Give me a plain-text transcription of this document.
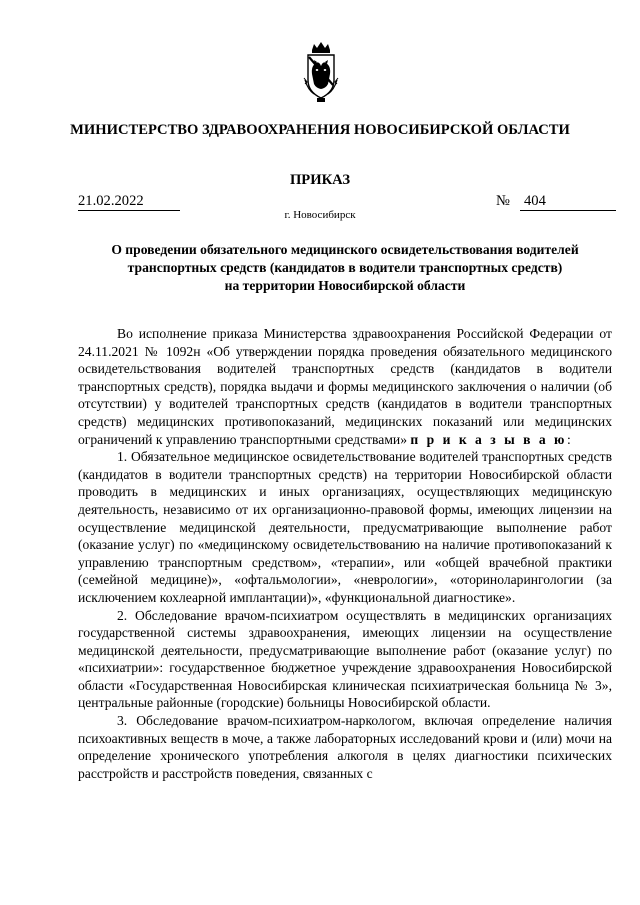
МИНИСТЕРСТВО ЗДРАВООХРАНЕНИЯ НОВОСИБИРСКОЙ ОБЛАСТИ
ПРИКАЗ
21.02.2022	№ 404
г. Новосибирск
О проведении обязательного медицинского освидетельствования водителей
транспортных средств (кандидатов в водители транспортных средств)
на территории Новосибирской области

Во исполнение приказа Министерства здравоохранения Российской Федерации от 24.11.2021 № 1092н «Об утверждении порядка проведения обязательного медицинского освидетельствования водителей транспортных средств (кандидатов в водители транспортных средств), порядка выдачи и формы медицинского заключения о наличии (об отсутствии) у водителей транспортных средств (кандидатов в водители транспортных средств) медицинских противопоказаний, медицинских показаний или медицинских ограничений к управлению транспортными средствами» п р и к а з ы в а ю:

1. Обязательное медицинское освидетельствование водителей транспортных средств (кандидатов в водители транспортных средств) на территории Новосибирской области проводить в медицинских и иных организациях, осуществляющих медицинскую деятельность, независимо от их организационно-правовой формы, имеющих лицензии на осуществление медицинской деятельности, предусматривающие выполнение работ (оказание услуг) по «медицинскому освидетельствованию на наличие противопоказаний к управлению транспортным средством», «терапии», или «общей врачебной практики (семейной медицине)», «офтальмологии», «неврологии», «оториноларингологии (за исключением кохлеарной имплантации)», «функциональной диагностике».

2. Обследование врачом-психиатром осуществлять в медицинских организациях государственной системы здравоохранения, имеющих лицензии на осуществление медицинской деятельности, предусматривающие выполнение работ (оказание услуг) по «психиатрии»: государственное бюджетное учреждение здравоохранения Новосибирской области «Государственная Новосибирская клиническая психиатрическая больница № 3», центральные районные (городские) больницы Новосибирской области.

3. Обследование врачом-психиатром-наркологом, включая определение наличия психоактивных веществ в моче, а также лабораторных исследований крови и (или) мочи на определение хронического употребления алкоголя в целях диагностики психических расстройств и расстройств поведения, связанных с
